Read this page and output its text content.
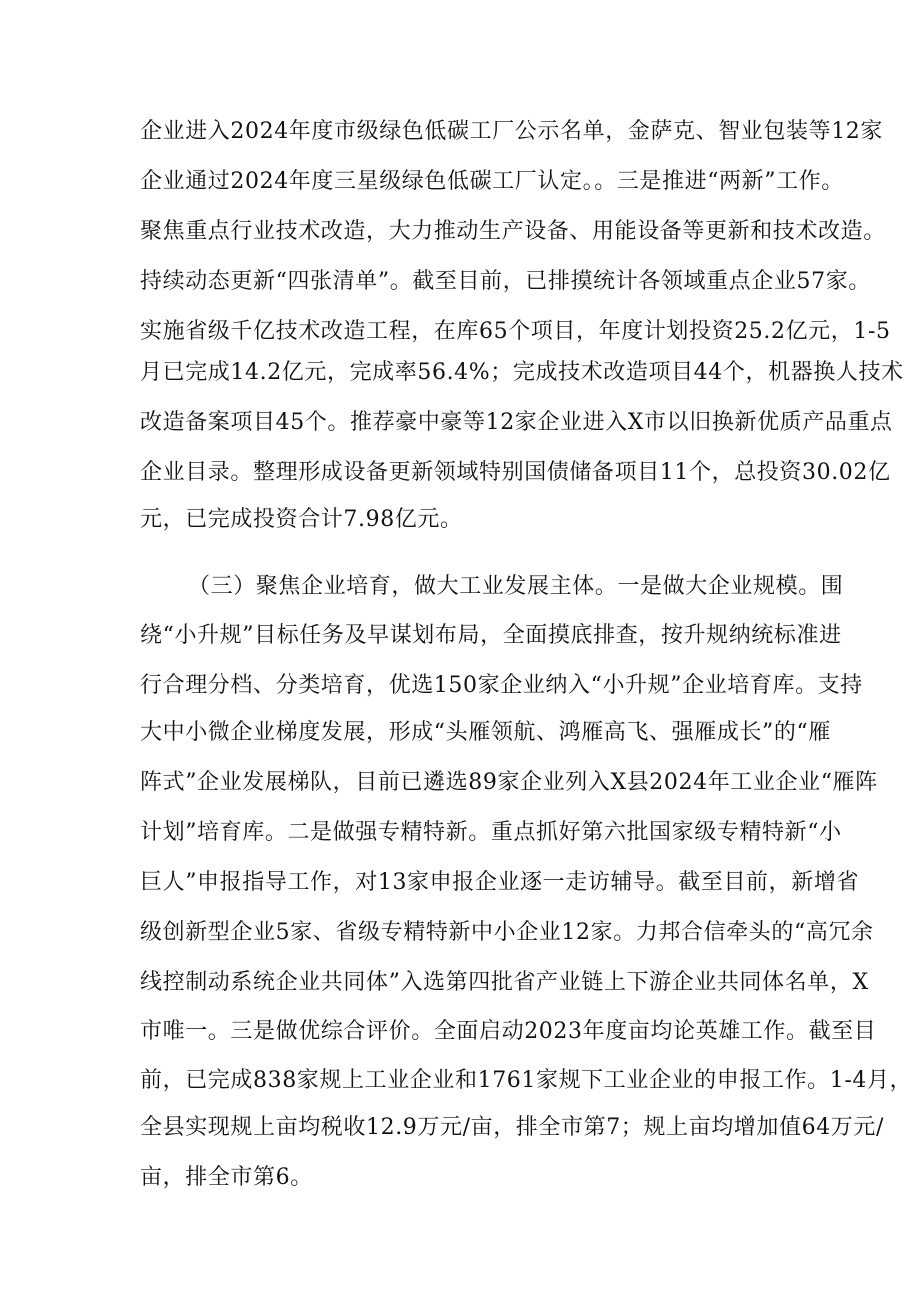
企业进入2024年度市级绿色低碳工厂公示名单，金萨克、智业包装等12家
企业通过2024年度三星级绿色低碳工厂认定。。三是推进“两新”工作。
聚焦重点行业技术改造，大力推动生产设备、用能设备等更新和技术改造。
持续动态更新“四张清单”。截至目前，已排摸统计各领域重点企业57家。
实施省级千亿技术改造工程，在库65个项目，年度计划投资25.2亿元，1-5
月已完成14.2亿元，完成率56.4%；完成技术改造项目44个，机器换人技术
改造备案项目45个。推荐豪中豪等12家企业进入X市以旧换新优质产品重点
企业目录。整理形成设备更新领域特别国债储备项目11个，总投资30.02亿
元，已完成投资合计7.98亿元。
（三）聚焦企业培育，做大工业发展主体。一是做大企业规模。围
绕“小升规”目标任务及早谋划布局，全面摸底排查，按升规纳统标准进
行合理分档、分类培育，优选150家企业纳入“小升规”企业培育库。支持
大中小微企业梯度发展，形成“头雁领航、鸿雁高飞、强雁成长”的“雁
阵式”企业发展梯队，目前已遴选89家企业列入X县2024年工业企业“雁阵
计划”培育库。二是做强专精特新。重点抓好第六批国家级专精特新“小
巨人”申报指导工作，对13家申报企业逐一走访辅导。截至目前，新增省
级创新型企业5家、省级专精特新中小企业12家。力邦合信牵头的“高冗余
线控制动系统企业共同体”入选第四批省产业链上下游企业共同体名单，X
市唯一。三是做优综合评价。全面启动2023年度亩均论英雄工作。截至目
前，已完成838家规上工业企业和1761家规下工业企业的申报工作。1-4月，
全县实现规上亩均税收12.9万元/亩，排全市第7；规上亩均增加值64万元/
亩，排全市第6。
